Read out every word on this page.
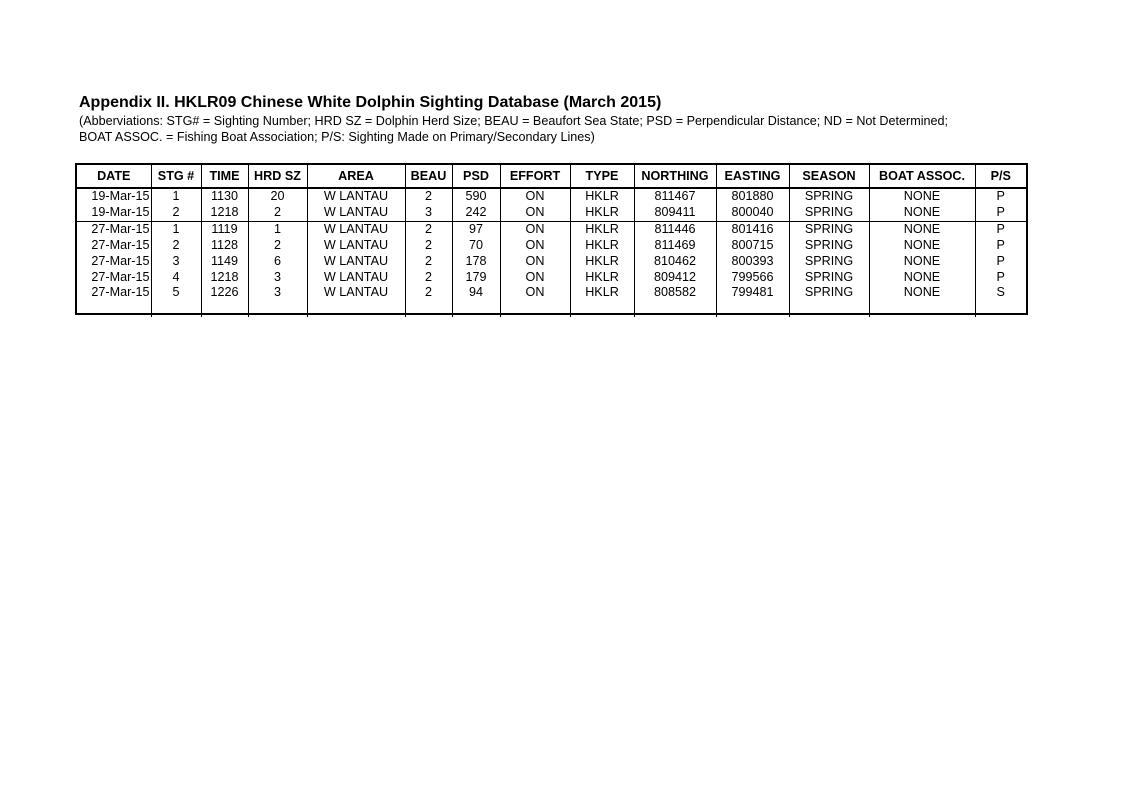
Appendix II. HKLR09 Chinese White Dolphin Sighting Database (March 2015)
(Abberviations: STG# = Sighting Number; HRD SZ = Dolphin Herd Size; BEAU = Beaufort Sea State; PSD = Perpendicular Distance; ND = Not Determined;
BOAT ASSOC. = Fishing Boat Association; P/S: Sighting Made on Primary/Secondary Lines)
DATE	STG #	TIME	HRD SZ	AREA	BEAU	PSD	EFFORT	TYPE	NORTHING	EASTING	SEASON	BOAT ASSOC.	P/S
19-Mar-15	1	1130	20	W LANTAU	2	590	ON	HKLR	811467	801880	SPRING	NONE	P
19-Mar-15	2	1218	2	W LANTAU	3	242	ON	HKLR	809411	800040	SPRING	NONE	P
27-Mar-15	1	1119	1	W LANTAU	2	97	ON	HKLR	811446	801416	SPRING	NONE	P
27-Mar-15	2	1128	2	W LANTAU	2	70	ON	HKLR	811469	800715	SPRING	NONE	P
27-Mar-15	3	1149	6	W LANTAU	2	178	ON	HKLR	810462	800393	SPRING	NONE	P
27-Mar-15	4	1218	3	W LANTAU	2	179	ON	HKLR	809412	799566	SPRING	NONE	P
27-Mar-15	5	1226	3	W LANTAU	2	94	ON	HKLR	808582	799481	SPRING	NONE	S
